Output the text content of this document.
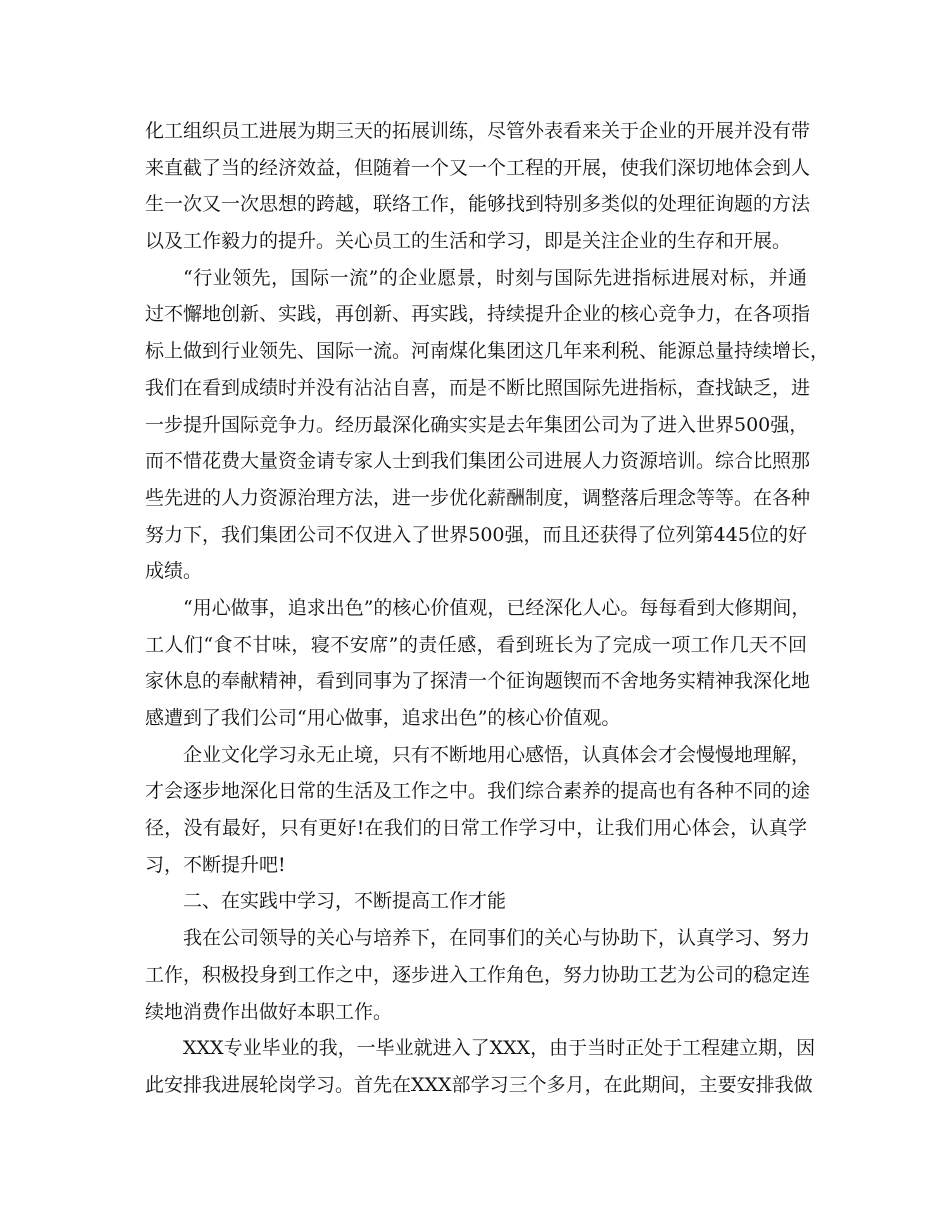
化工组织员工进展为期三天的拓展训练，尽管外表看来关于企业的开展并没有带
来直截了当的经济效益，但随着一个又一个工程的开展，使我们深切地体会到人
生一次又一次思想的跨越，联络工作，能够找到特别多类似的处理征询题的方法
以及工作毅力的提升。关心员工的生活和学习，即是关注企业的生存和开展。
“行业领先，国际一流”的企业愿景，时刻与国际先进指标进展对标，并通
过不懈地创新、实践，再创新、再实践，持续提升企业的核心竞争力，在各项指
标上做到行业领先、国际一流。河南煤化集团这几年来利税、能源总量持续增长，
我们在看到成绩时并没有沾沾自喜，而是不断比照国际先进指标，查找缺乏，进
一步提升国际竞争力。经历最深化确实实是去年集团公司为了进入世界500强，
而不惜花费大量资金请专家人士到我们集团公司进展人力资源培训。综合比照那
些先进的人力资源治理方法，进一步优化薪酬制度，调整落后理念等等。在各种
努力下，我们集团公司不仅进入了世界500强，而且还获得了位列第445位的好
成绩。
“用心做事，追求出色”的核心价值观，已经深化人心。每每看到大修期间，
工人们“食不甘味，寝不安席”的责任感，看到班长为了完成一项工作几天不回
家休息的奉献精神，看到同事为了探清一个征询题锲而不舍地务实精神我深化地
感遭到了我们公司“用心做事，追求出色”的核心价值观。
企业文化学习永无止境，只有不断地用心感悟，认真体会才会慢慢地理解，
才会逐步地深化日常的生活及工作之中。我们综合素养的提高也有各种不同的途
径，没有最好，只有更好!在我们的日常工作学习中，让我们用心体会，认真学
习，不断提升吧!
二、在实践中学习，不断提高工作才能
我在公司领导的关心与培养下，在同事们的关心与协助下，认真学习、努力
工作，积极投身到工作之中，逐步进入工作角色，努力协助工艺为公司的稳定连
续地消费作出做好本职工作。
XXX专业毕业的我，一毕业就进入了XXX，由于当时正处于工程建立期，因
此安排我进展轮岗学习。首先在XXX部学习三个多月，在此期间，主要安排我做
